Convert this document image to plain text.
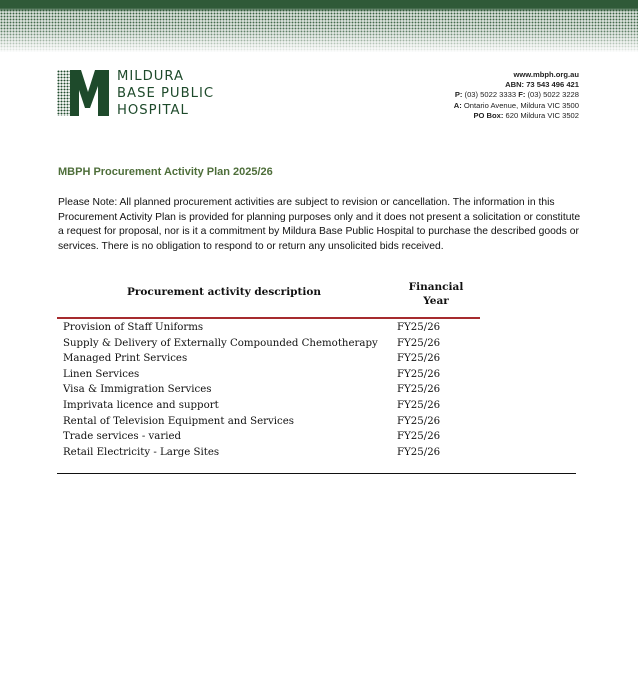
MILDURA
BASE PUBLIC
HOSPITAL
www.mbph.org.au
ABN: 73 543 496 421
P: (03) 5022 3333 F: (03) 5022 3228
A: Ontario Avenue, Mildura VIC 3500
PO Box: 620 Mildura VIC 3502
MBPH Procurement Activity Plan 2025/26
Please Note: All planned procurement activities are subject to revision or cancellation. The information in this Procurement Activity Plan is provided for planning purposes only and it does not present a solicitation or constitute a request for proposal, nor is it a commitment by Mildura Base Public Hospital to purchase the described goods or services. There is no obligation to respond to or return any unsolicited bids received.
Procurement activity description	Financial
Year
Provision of Staff Uniforms	FY25/26
Supply & Delivery of Externally Compounded Chemotherapy FY25/26
Managed Print Services	FY25/26
Linen Services	FY25/26
Visa & Immigration Services	FY25/26
Imprivata licence and support	FY25/26
Rental of Television Equipment and Services	FY25/26
Trade services - varied	FY25/26
Retail Electricity - Large Sites	FY25/26
